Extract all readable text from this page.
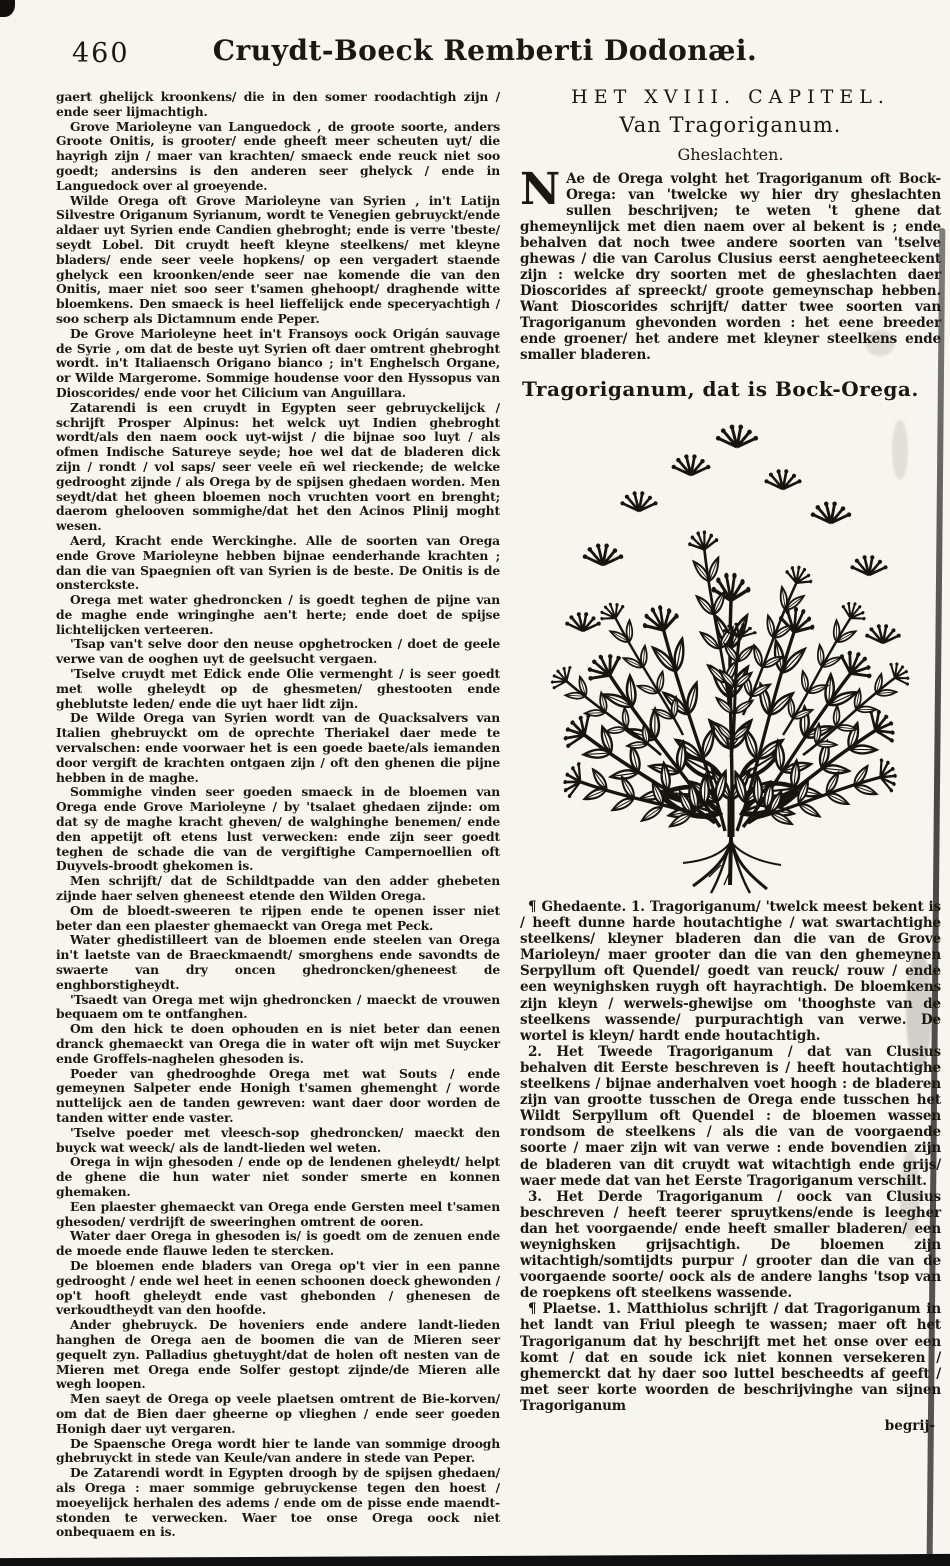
460	Cruydt-Boeck Remberti Dodonæi.

gaert ghelijck kroonkens/ die in den somer roodachtigh zijn / ende seer lijmachtigh.

Grove Marioleyne van Languedock , de groote soorte, anders Groote Onitis, is grooter/ ende gheeft meer scheuten uyt/ die hayrigh zijn / maer van krachten/ smaeck ende reuck niet soo goedt; andersins is den anderen seer ghelyck / ende in Languedock over al groeyende.

Wilde Orega oft Grove Marioleyne van Syrien , in't Latijn Silvestre Origanum Syrianum, wordt te Venegien gebruyckt/ende aldaer uyt Syrien ende Candien ghebroght; ende is verre 'tbeste/ seydt Lobel. Dit cruydt heeft kleyne steelkens/ met kleyne bladers/ ende seer veele hopkens/ op een vergadert staende ghelyck een kroonken/ende seer nae komende die van den Onitis, maer niet soo seer t'samen ghehoopt/ draghende witte bloemkens. Den smaeck is heel lieffelijck ende speceryachtigh / soo scherp als Dictamnum ende Peper.

De Grove Marioleyne heet in't Fransoys oock Origán sauvage de Syrie , om dat de beste uyt Syrien oft daer omtrent ghebroght wordt. in't Italiaensch Origano bianco ; in't Enghelsch Organe, or Wilde Margerome. Sommige houdense voor den Hyssopus van Dioscorides/ ende voor het Cilicium van Anguillara.

Zatarendi is een cruydt in Egypten seer gebruyckelijck / schrijft Prosper Alpinus: het welck uyt Indien ghebroght wordt/als den naem oock uyt-wijst / die bijnae soo luyt / als ofmen Indische Satureye seyde; hoe wel dat de bladeren dick zijn / rondt / vol saps/ seer veele eñ wel rieckende; de welcke gedrooght zijnde / als Orega by de spijsen ghedaen worden. Men seydt/dat het gheen bloemen noch vruchten voort en brenght; daerom ghelooven sommighe/dat het den Acinos Plinij moght wesen.

Aerd, Kracht ende Werckinghe. Alle de soorten van Orega ende Grove Marioleyne hebben bijnae eenderhande krachten ; dan die van Spaegnien oft van Syrien is de beste. De Onitis is de onsterckste.

Orega met water ghedroncken / is goedt teghen de pijne van de maghe ende wringinghe aen't herte; ende doet de spijse lichtelijcken verteeren.

'Tsap van't selve door den neuse opghetrocken / doet de geele verwe van de ooghen uyt de geelsucht vergaen.

'Tselve cruydt met Edick ende Olie vermenght / is seer goedt met wolle gheleydt op de ghesmeten/ ghestooten ende gheblutste leden/ ende die uyt haer lidt zijn.

De Wilde Orega van Syrien wordt van de Quacksalvers van Italien ghebruyckt om de oprechte Theriakel daer mede te vervalschen: ende voorwaer het is een goede baete/als iemanden door vergift de krachten ontgaen zijn / oft den ghenen die pijne hebben in de maghe.

Sommighe vinden seer goeden smaeck in de bloemen van Orega ende Grove Marioleyne / by 'tsalaet ghedaen zijnde: om dat sy de maghe kracht gheven/ de walghinghe benemen/ ende den appetijt oft etens lust verwecken: ende zijn seer goedt teghen de schade die van de vergiftighe Campernoellien oft Duyvels-broodt ghekomen is.

Men schrijft/ dat de Schildtpadde van den adder ghebeten zijnde haer selven gheneest etende den Wilden Orega.

Om de bloedt-sweeren te rijpen ende te openen isser niet beter dan een plaester ghemaeckt van Orega met Peck.

Water ghedistilleert van de bloemen ende steelen van Orega in't laetste van de Braeckmaendt/ smorghens ende savondts de swaerte van dry oncen ghedroncken/gheneest de enghborstigheydt.

'Tsaedt van Orega met wijn ghedroncken / maeckt de vrouwen bequaem om te ontfanghen.

Om den hick te doen ophouden en is niet beter dan eenen dranck ghemaeckt van Orega die in water oft wijn met Suycker ende Groffels-naghelen ghesoden is.

Poeder van ghedrooghde Orega met wat Souts / ende gemeynen Salpeter ende Honigh t'samen ghemenght / worde nuttelijck aen de tanden gewreven: want daer door worden de tanden witter ende vaster.

'Tselve poeder met vleesch-sop ghedroncken/ maeckt den buyck wat weeck/ als de landt-lieden wel weten.

Orega in wijn ghesoden / ende op de lendenen gheleydt/ helpt de ghene die hun water niet sonder smerte en konnen ghemaken.

Een plaester ghemaeckt van Orega ende Gersten meel t'samen ghesoden/ verdrijft de sweeringhen omtrent de ooren.

Water daer Orega in ghesoden is/ is goedt om de zenuen ende de moede ende flauwe leden te stercken.

De bloemen ende bladers van Orega op't vier in een panne gedrooght / ende wel heet in eenen schoonen doeck ghewonden / op't hooft gheleydt ende vast ghebonden / ghenesen de verkoudtheydt van den hoofde.

Ander ghebruyck. De hoveniers ende andere landt-lieden hanghen de Orega aen de boomen die van de Mieren seer gequelt zyn. Palladius ghetuyght/dat de holen oft nesten van de Mieren met Orega ende Solfer gestopt zijnde/de Mieren alle wegh loopen.

Men saeyt de Orega op veele plaetsen omtrent de Bie-korven/ om dat de Bien daer gheerne op vlieghen / ende seer goeden Honigh daer uyt vergaren.

De Spaensche Orega wordt hier te lande van sommige droogh ghebruyckt in stede van Keule/van andere in stede van Peper.

De Zatarendi wordt in Egypten droogh by de spijsen ghedaen/ als Orega : maer sommige gebruyckense tegen den hoest / moeyelijck herhalen des adems / ende om de pisse ende maendt-stonden te verwecken. Waer toe onse Orega oock niet onbequaem en is.

HET XVIII. CAPITEL.
Van Tragoriganum.
Gheslachten.

N Ae de Orega volght het Tragoriganum oft Bock-Orega: van 'twelcke wy hier dry gheslachten sullen beschrijven; te weten 't ghene dat ghemeynlijck met dien naem over al bekent is ; ende behalven dat noch twee andere soorten van 'tselve ghewas / die van Carolus Clusius eerst aengheteeckent zijn : welcke dry soorten met de gheslachten daer Dioscorides af spreeckt/ groote gemeynschap hebben. Want Dioscorides schrijft/ datter twee soorten van Tragoriganum ghevonden worden : het eene breeder ende groener/ het andere met kleyner steelkens ende smaller bladeren.

Tragoriganum, dat is Bock-Orega.

¶ Ghedaente. 1. Tragoriganum/ 'twelck meest bekent is / heeft dunne harde houtachtighe / wat swartachtighe steelkens/ kleyner bladeren dan die van de Grove Marioleyn/ maer grooter dan die van den ghemeynen Serpyllum oft Quendel/ goedt van reuck/ rouw / ende een weynighsken ruygh oft hayrachtigh. De bloemkens zijn kleyn / werwels-ghewijse om 'thooghste van de steelkens wassende/ purpurachtigh van verwe. De wortel is kleyn/ hardt ende houtachtigh.

2. Het Tweede Tragoriganum / dat van Clusius behalven dit Eerste beschreven is / heeft houtachtighe steelkens / bijnae anderhalven voet hoogh : de bladeren zijn van grootte tusschen de Orega ende tusschen het Wildt Serpyllum oft Quendel : de bloemen wassen rondsom de steelkens / als die van de voorgaende soorte / maer zijn wit van verwe : ende bovendien zijn de bladeren van dit cruydt wat witachtigh ende grijs/ waer mede dat van het Eerste Tragoriganum verschilt.

3. Het Derde Tragoriganum / oock van Clusius beschreven / heeft teerer spruytkens/ende is leegher dan het voorgaende/ ende heeft smaller bladeren/ een weynighsken grijsachtigh. De bloemen zijn witachtigh/somtijdts purpur / grooter dan die van de voorgaende soorte/ oock als de andere langhs 'tsop van de roepkens oft steelkens wassende.

¶ Plaetse. 1. Matthiolus schrijft / dat Tragoriganum in het landt van Friul pleegh te wassen; maer oft het Tragoriganum dat hy beschrijft met het onse over een komt / dat en soude ick niet konnen versekeren / ghemerckt dat hy daer soo luttel bescheedts af geeft / met seer korte woorden de beschrijvinghe van sijnen Tragoriganum

begrij-
